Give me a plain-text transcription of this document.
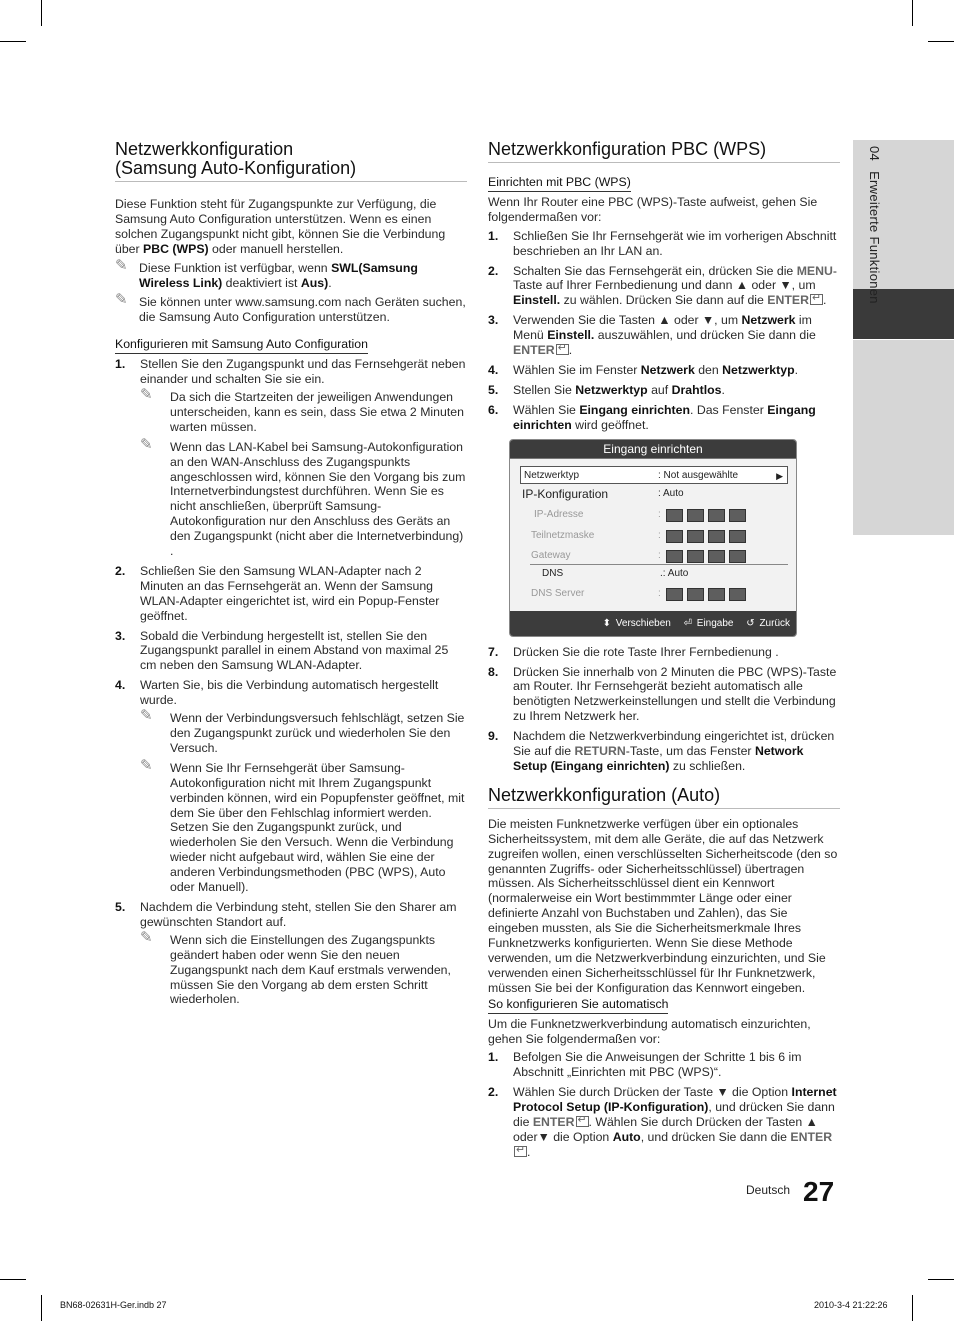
04Erweiterte Funktionen
Netzwerkkonfiguration
(Samsung Auto-Konfiguration)

Diese Funktion steht für Zugangspunkte zur Verfügung, die Samsung Auto Configuration unterstützen. Wenn es einen solchen Zugangspunkt nicht gibt, können Sie die Verbindung über PBC (WPS) oder manuell herstellen.

✎ Diese Funktion ist verfügbar, wenn SWL(Samsung Wireless Link) deaktiviert ist Aus).
✎ Sie können unter www.samsung.com nach Geräten suchen, die Samsung Auto Configuration unterstützen.
Konfigurieren mit Samsung Auto Configuration
1. Stellen Sie den Zugangspunkt und das Fernsehgerät neben einander und schalten Sie sie ein.
✎ Da sich die Startzeiten der jeweiligen Anwendungen unterscheiden, kann es sein, dass Sie etwa 2 Minuten warten müssen.
✎ Wenn das LAN-Kabel bei Samsung-Autokonfiguration an den WAN-Anschluss des Zugangspunkts angeschlossen wird, können Sie den Vorgang bis zum Internetverbindungstest durchführen. Wenn Sie es nicht anschließen, überprüft Samsung-Autokonfiguration nur den Anschluss des Geräts an den Zugangspunkt (nicht aber die Internetverbindung) .
2. Schließen Sie den Samsung WLAN-Adapter nach 2 Minuten an das Fernsehgerät an. Wenn der Samsung WLAN-Adapter eingerichtet ist, wird ein Popup-Fenster geöffnet.
3. Sobald die Verbindung hergestellt ist, stellen Sie den Zugangspunkt parallel in einem Abstand von maximal 25 cm neben den Samsung WLAN-Adapter.
4. Warten Sie, bis die Verbindung automatisch hergestellt wurde.
✎ Wenn der Verbindungsversuch fehlschlägt, setzen Sie den Zugangspunkt zurück und wiederholen Sie den Versuch.
✎ Wenn Sie Ihr Fernsehgerät über Samsung-Autokonfiguration nicht mit Ihrem Zugangspunkt verbinden können, wird ein Popupfenster geöffnet, mit dem Sie über den Fehlschlag informiert werden. Setzen Sie den Zugangspunkt zurück, und wiederholen Sie den Versuch. Wenn die Verbindung wieder nicht aufgebaut wird, wählen Sie eine der anderen Verbindungsmethoden (PBC (WPS), Auto oder Manuell).
5. Nachdem die Verbindung steht, stellen Sie den Sharer am gewünschten Standort auf.
✎ Wenn sich die Einstellungen des Zugangspunkts geändert haben oder wenn Sie den neuen Zugangspunkt nach dem Kauf erstmals verwenden, müssen Sie den Vorgang ab dem ersten Schritt wiederholen.
Netzwerkkonfiguration PBC (WPS)
Einrichten mit PBC (WPS)

Wenn Ihr Router eine PBC (WPS)-Taste aufweist, gehen Sie folgendermaßen vor:

1. Schließen Sie Ihr Fernsehgerät wie im vorherigen Abschnitt beschrieben an Ihr LAN an.
2. Schalten Sie das Fernsehgerät ein, drücken Sie die MENU-Taste auf Ihrer Fernbedienung und dann ▲ oder ▼, um Einstell. zu wählen. Drücken Sie dann auf die ENTER ↵ .
3. Verwenden Sie die Tasten ▲ oder ▼, um Netzwerk im Menü Einstell. auszuwählen, und drücken Sie dann die ENTER ↵ .
4. Wählen Sie im Fenster Netzwerk den Netzwerktyp.
5. Stellen Sie Netzwerktyp auf Drahtlos.
6. Wählen Sie Eingang einrichten. Das Fenster Eingang einrichten wird geöffnet.
Eingang einrichten
Netzwerktyp	: Not ausgewählte	▶
IP-Konfiguration	: Auto
IP-Adresse	:
Teilnetzmaske	:
Gateway	:
DNS	.: Auto
DNS Server	:
⬍ Verschieben ⏎ Eingabe ↺ Zurück
7. Drücken Sie die rote Taste Ihrer Fernbedienung .
8. Drücken Sie innerhalb von 2 Minuten die PBC (WPS)-Taste am Router. Ihr Fernsehgerät bezieht automatisch alle benötigten Netzwerkeinstellungen und stellt die Verbindung zu Ihrem Netzwerk her.
9. Nachdem die Netzwerkverbindung eingerichtet ist, drücken Sie auf die RETURN-Taste, um das Fenster Network Setup (Eingang einrichten) zu schließen.
Netzwerkkonfiguration (Auto)

Die meisten Funknetzwerke verfügen über ein optionales Sicherheitssystem, mit dem alle Geräte, die auf das Netzwerk zugreifen wollen, einen verschlüsselten Sicherheitscode (den so genannten Zugriffs- oder Sicherheitsschlüssel) übertragen müssen. Als Sicherheitsschlüssel dient ein Kennwort (normalerweise ein Wort bestimmmter Länge oder einer definierte Anzahl von Buchstaben und Zahlen), das Sie eingeben mussten, als Sie die Sicherheitsmerkmale Ihres Funknetzwerks konfigurierten. Wenn Sie diese Methode verwenden, um die Netzwerkverbindung einzurichten, und Sie verwenden einen Sicherheitsschlüssel für Ihr Funknetzwerk, müssen Sie bei der Konfiguration das Kennwort eingeben.

So konfigurieren Sie automatisch

Um die Funknetzwerkverbindung automatisch einzurichten, gehen Sie folgendermaßen vor:

1. Befolgen Sie die Anweisungen der Schritte 1 bis 6 im Abschnitt „Einrichten mit PBC (WPS)“.
2. Wählen Sie durch Drücken der Taste ▼ die Option Internet Protocol Setup (IP-Konfiguration), und drücken Sie dann die ENTER ↵ . Wählen Sie durch Drücken der Tasten ▲ oder▼ die Option Auto, und drücken Sie dann die ENTER↵.
Deutsch 27
BN68-02631H-Ger.indb 27	2010-3-4 21:22:26
